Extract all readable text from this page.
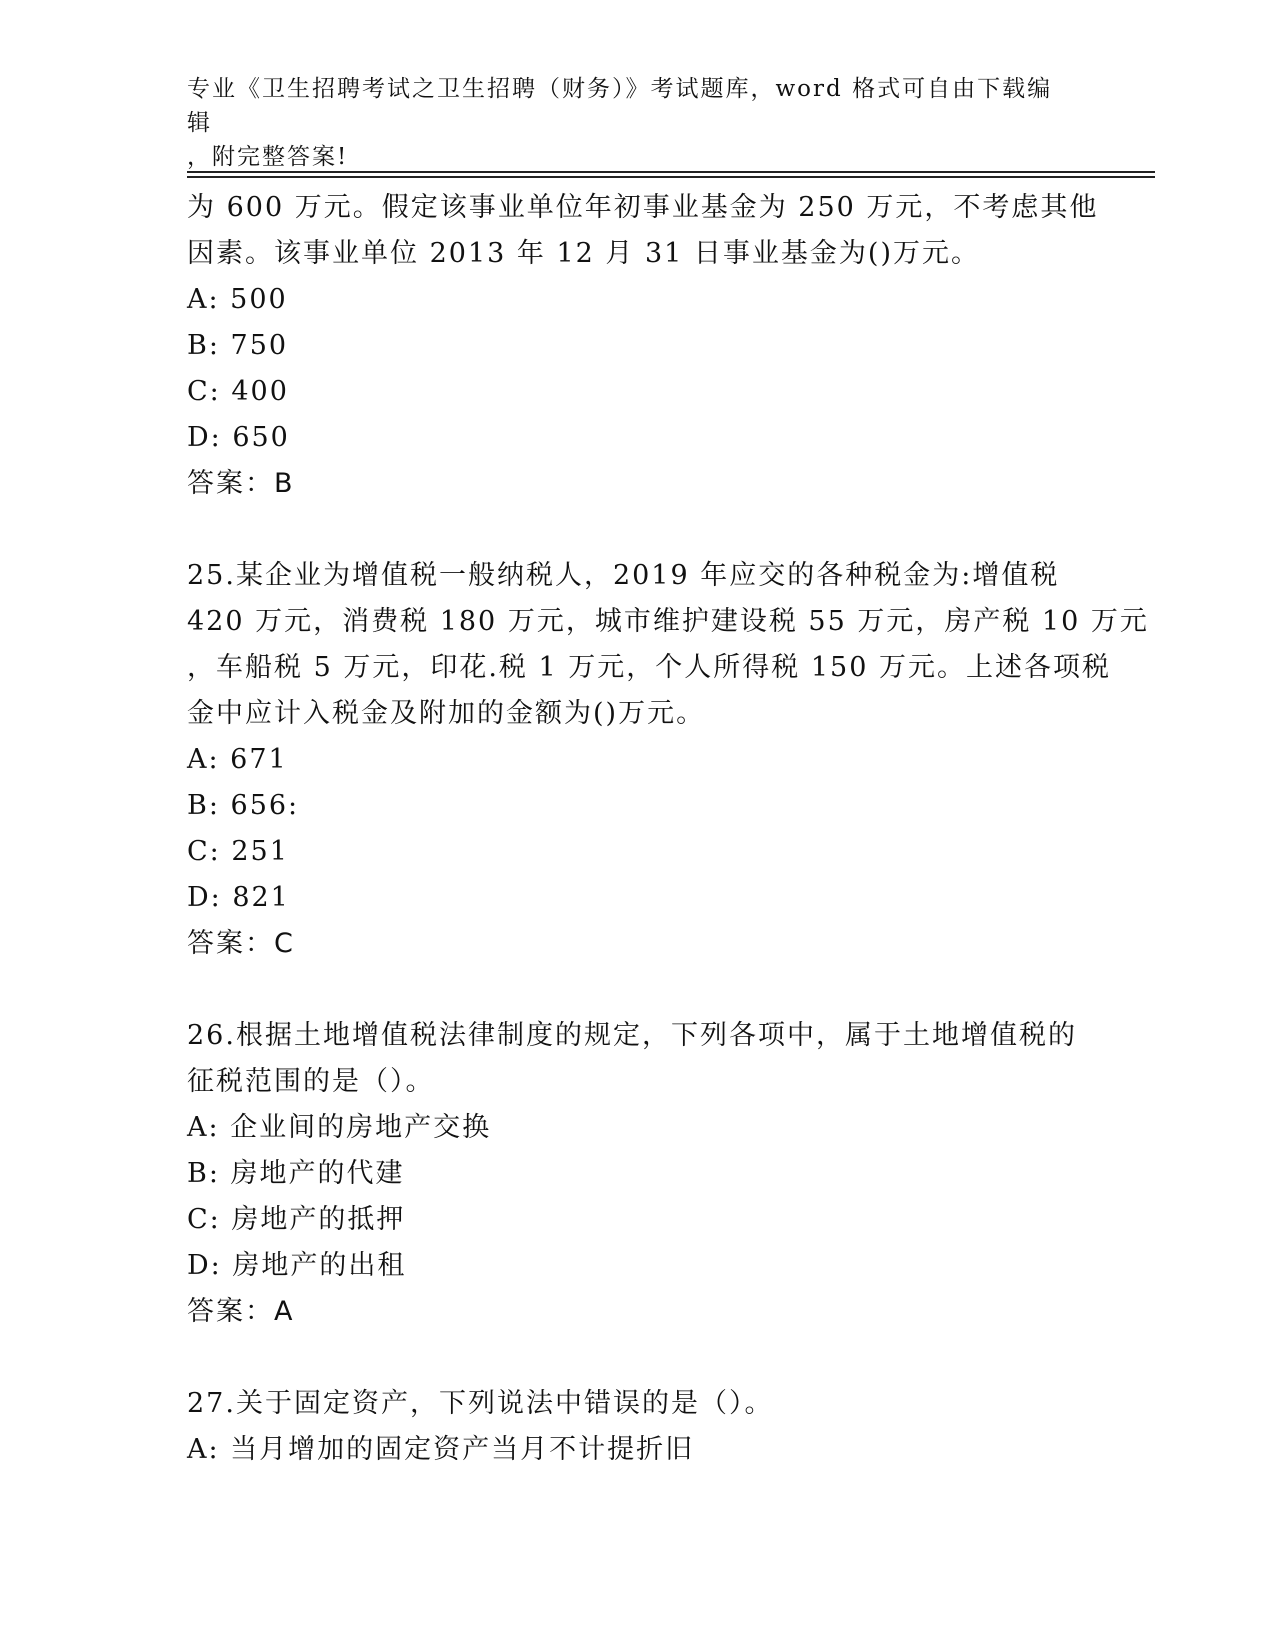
专业《卫生招聘考试之卫生招聘（财务）》考试题库，word 格式可自由下载编辑
，附完整答案!
为 600 万元。假定该事业单位年初事业基金为 250 万元，不考虑其他
因素。该事业单位 2013 年 12 月 31 日事业基金为()万元。
A: 500
B: 750
C: 400
D: 650
答案：B
25.某企业为增值税一般纳税人，2019 年应交的各种税金为:增值税
420 万元，消费税 180 万元，城市维护建设税 55 万元，房产税 10 万元
，车船税 5 万元，印花.税 1 万元，个人所得税 150 万元。上述各项税
金中应计入税金及附加的金额为()万元。
A: 671
B: 656:
C: 251
D: 821
答案：C
26.根据土地增值税法律制度的规定，下列各项中，属于土地增值税的
征税范围的是（）。
A: 企业间的房地产交换
B: 房地产的代建
C: 房地产的抵押
D: 房地产的出租
答案：A
27.关于固定资产，下列说法中错误的是（）。
A: 当月增加的固定资产当月不计提折旧
